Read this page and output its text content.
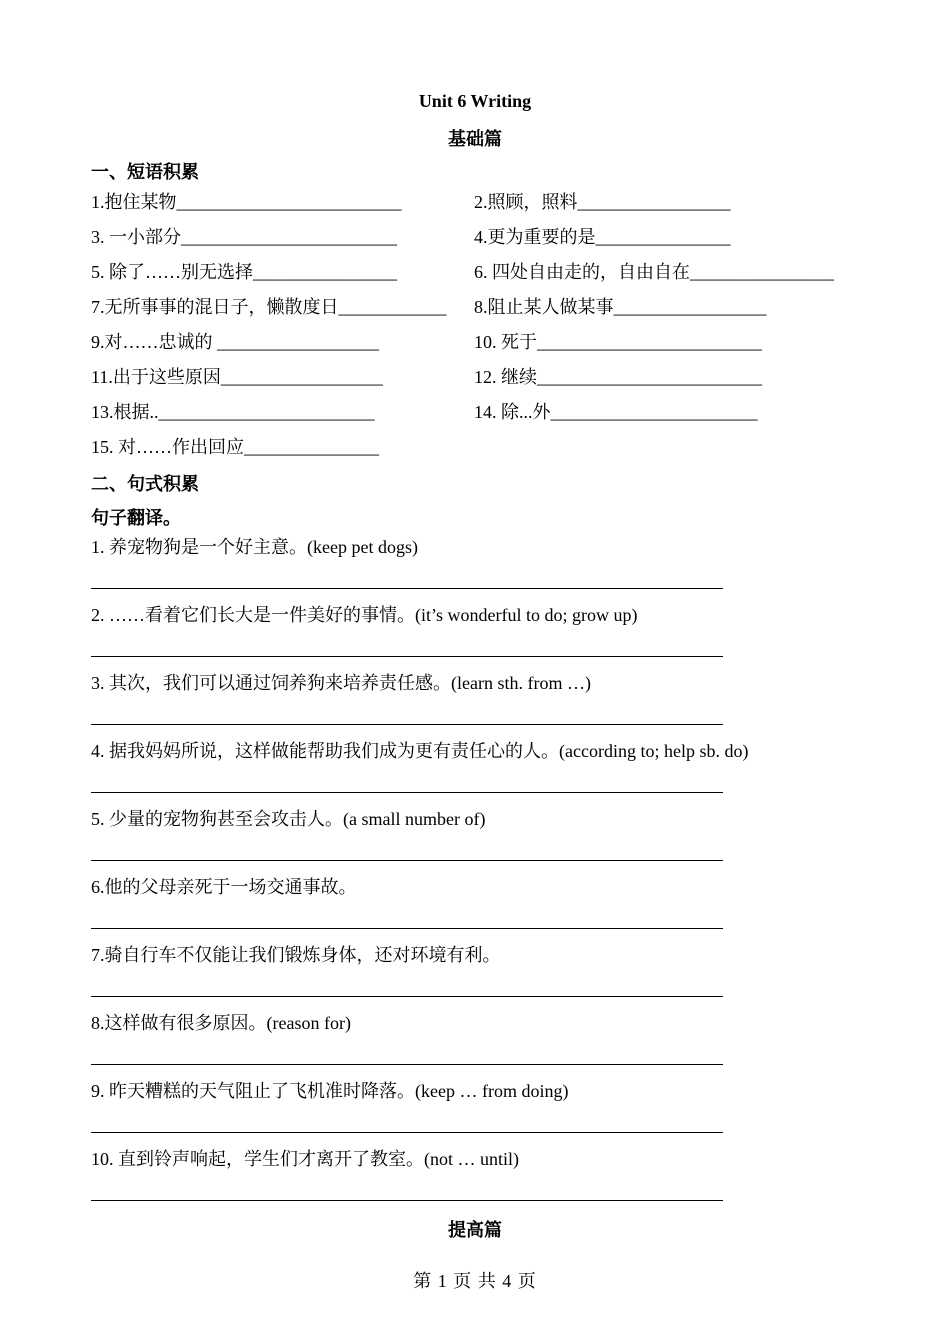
Unit 6 Writing
基础篇
一、短语积累
1.抱住某物_________________________	2.照顾，照料_________________
3. 一小部分________________________	4.更为重要的是_______________
5. 除了……别无选择________________	6. 四处自由走的，自由自在________________
7.无所事事的混日子，懒散度日____________ 8.阻止某人做某事_________________
9.对……忠诚的 __________________	10. 死于_________________________
11.出于这些原因__________________	12. 继续_________________________
13.根据..________________________	14. 除...外_______________________
15. 对……作出回应_______________
二、句式积累
句子翻译。
1. 养宠物狗是一个好主意。(keep pet dogs)
2. ……看着它们长大是一件美好的事情。(it’s wonderful to do; grow up)
3. 其次，我们可以通过饲养狗来培养责任感。(learn sth. from …)
4. 据我妈妈所说，这样做能帮助我们成为更有责任心的人。(according to; help sb. do)
5. 少量的宠物狗甚至会攻击人。(a small number of)
6.他的父母亲死于一场交通事故。
7.骑自行车不仅能让我们锻炼身体，还对环境有利。
8.这样做有很多原因。(reason for)
9. 昨天糟糕的天气阻止了飞机准时降落。(keep … from doing)
10. 直到铃声响起，学生们才离开了教室。(not … until)
提高篇
第 1 页 共 4 页
